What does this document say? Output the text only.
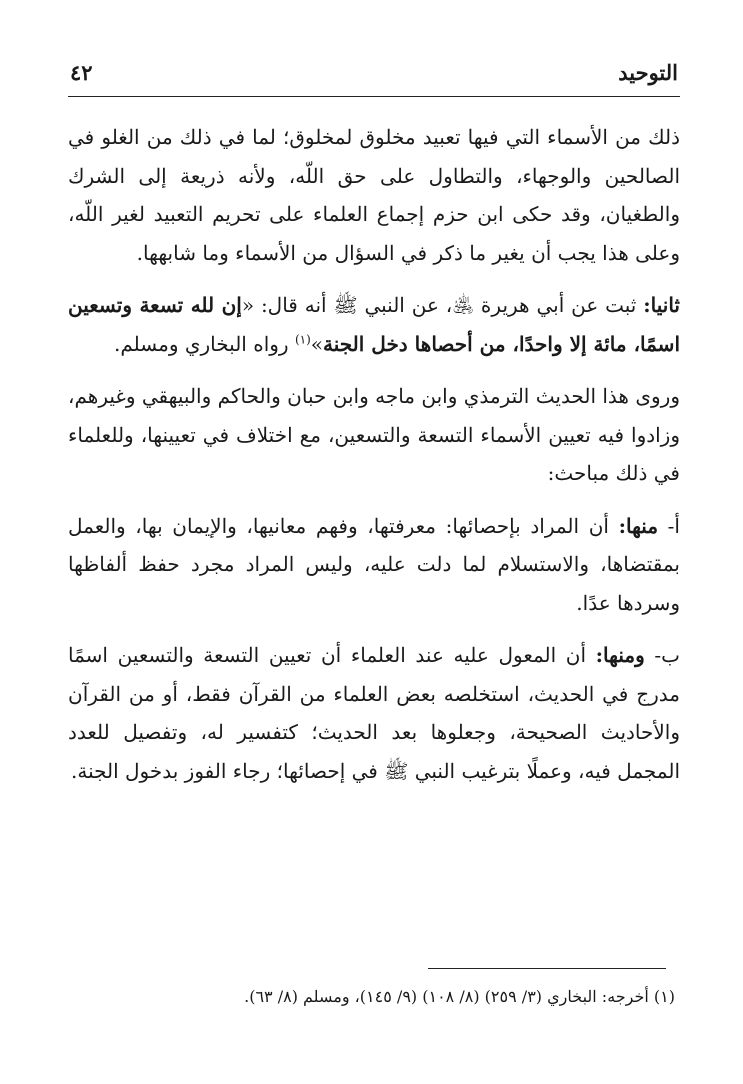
التوحيد
٤٢

ذلك من الأسماء التي فيها تعبيد مخلوق لمخلوق؛ لما في ذلك من الغلو في الصالحين والوجهاء، والتطاول على حق اللّه، ولأنه ذريعة إلى الشرك والطغيان، وقد حكى ابن حزم إجماع العلماء على تحريم التعبيد لغير اللّه، وعلى هذا يجب أن يغير ما ذكر في السؤال من الأسماء وما شابهها.

ثانيا: ثبت عن أبي هريرة ﵁، عن النبي ﷺ أنه قال: «إن لله تسعة وتسعين اسمًا، مائة إلا واحدًا، من أحصاها دخل الجنة»$^{(١)}$ رواه البخاري ومسلم.

وروى هذا الحديث الترمذي وابن ماجه وابن حبان والحاكم والبيهقي وغيرهم، وزادوا فيه تعيين الأسماء التسعة والتسعين، مع اختلاف في تعيينها، وللعلماء في ذلك مباحث:

أ- منها: أن المراد بإحصائها: معرفتها، وفهم معانيها، والإيمان بها، والعمل بمقتضاها، والاستسلام لما دلت عليه، وليس المراد مجرد حفظ ألفاظها وسردها عدًا.

ب- ومنها: أن المعول عليه عند العلماء أن تعيين التسعة والتسعين اسمًا مدرج في الحديث، استخلصه بعض العلماء من القرآن فقط، أو من القرآن والأحاديث الصحيحة، وجعلوها بعد الحديث؛ كتفسير له، وتفصيل للعدد المجمل فيه، وعملًا بترغيب النبي ﷺ في إحصائها؛ رجاء الفوز بدخول الجنة.

(١) أخرجه: البخاري (٣/ ٢٥٩) (٨/ ١٠٨) (٩/ ١٤٥)، ومسلم (٨/ ٦٣).
